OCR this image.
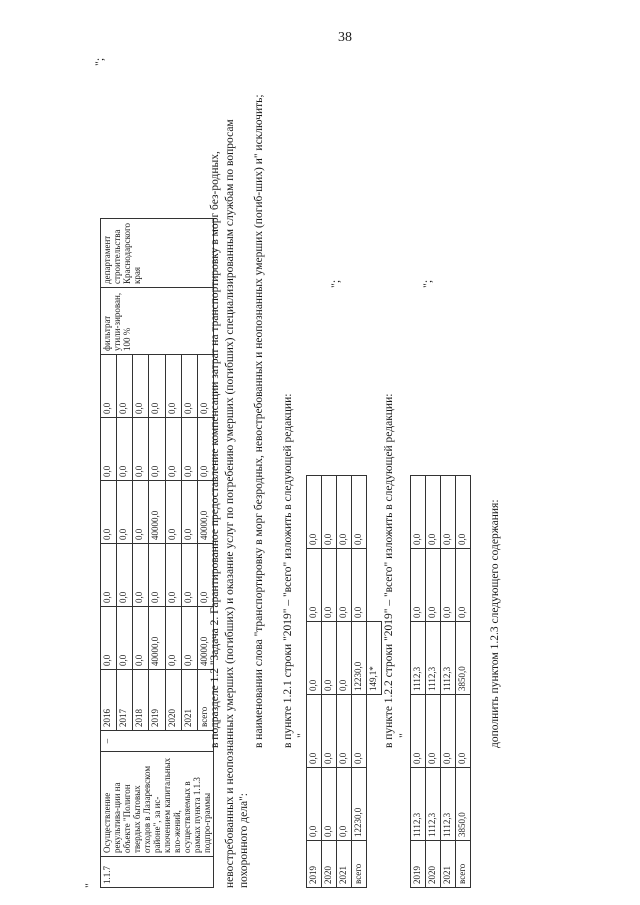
38
"
1.1.7	Осуществление рекультива-ции на объекте "Полигон твердых бытовых отходов в Лазаревском районе", за ис-ключением капитальных вло-жений, осуществляемых в рамках пункта 1.1.3 подпро-граммы	–	2016	0,0	0,0	0,0	0,0	0,0	фильтрат утили-зирован, 100 %	департамент строительства Краснодарского края
			2017	0,0	0,0	0,0	0,0	0,0		
			2018	0,0	0,0	0,0	0,0	0,0		
			2019	40000,0	0,0	40000,0	0,0	0,0		
			2020	0,0	0,0	0,0	0,0	0,0		
			2021	0,0	0,0	0,0	0,0	0,0		
			всего	40000,0	0,0	40000,0	0,0	0,0		
";

в подразделе 1.2 "Задача 2. Гарантированное предоставление компенсации затрат на транспортировку в морг без-родных, невостребованных и неопознанных умерших (погибших) и оказание услуг по погребению умерших (погибших) специализированным службам по вопросам похоронного дела":

в наименовании слова "транспортировку в морг безродных, невостребованных и неопознанных умерших (погиб-ших) и" исключить; в пункте 1.2.1 строки "2019" – "всего" изложить в следующей редакции: "
2019	0,0	0,0	0,0	0,0	0,0
2020	0,0	0,0	0,0	0,0	0,0
2021	0,0	0,0	0,0	0,0	0,0
всего	12230,0	0,0	12230,0	0,0	0,0
			149,1*		
";

в пункте 1.2.2 строки "2019" – "всего" изложить в следующей редакции: "
2019	1112,3	0,0	1112,3	0,0	0,0
2020	1112,3	0,0	1112,3	0,0	0,0
2021	1112,3	0,0	1112,3	0,0	0,0
всего	3850,0	0,0	3850,0	0,0	0,0
";

дополнить пунктом 1.2.3 следующего содержания:
